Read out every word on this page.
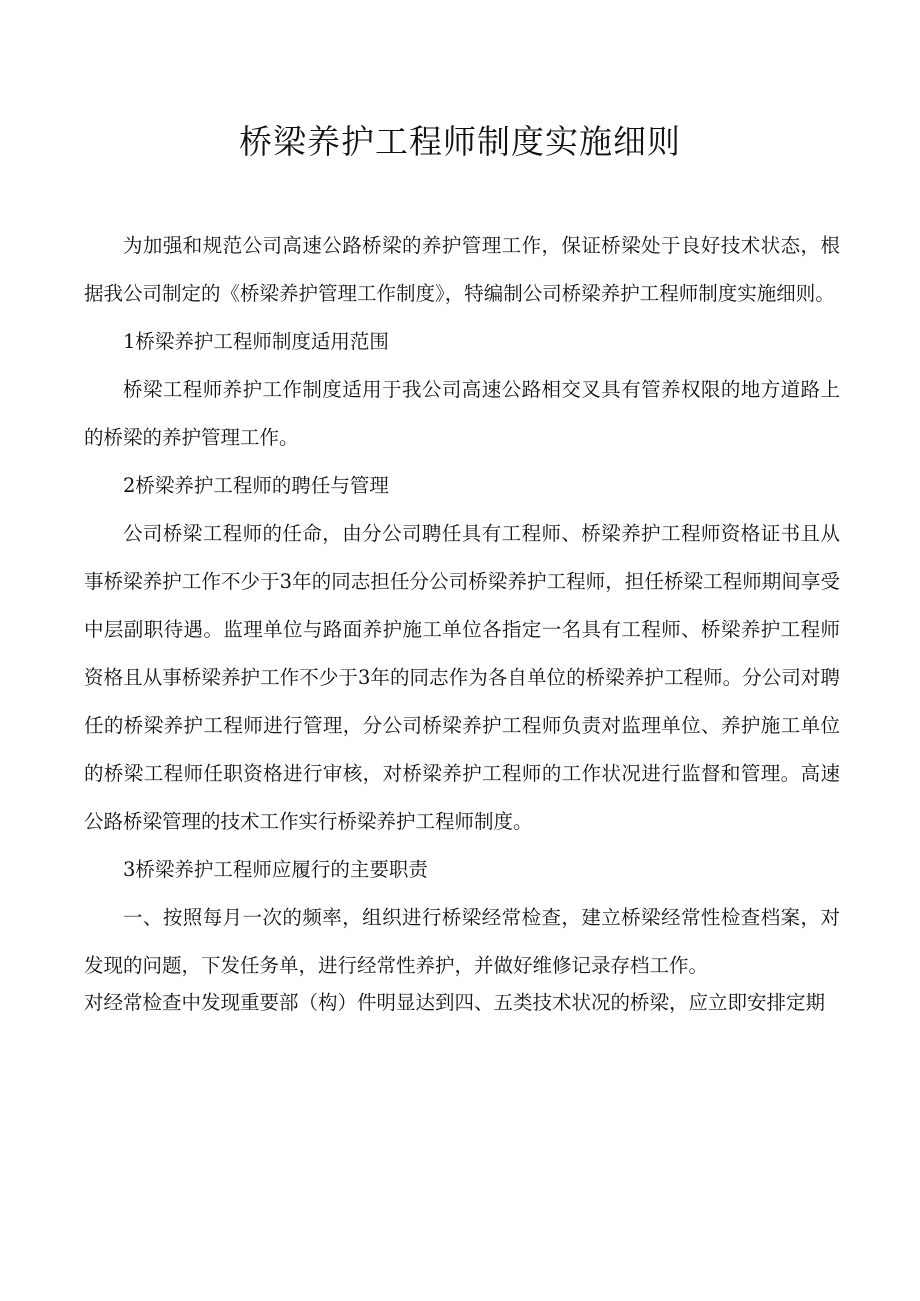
桥梁养护工程师制度实施细则

为加强和规范公司高速公路桥梁的养护管理工作，保证桥梁处于良好技术状态，根据我公司制定的《桥梁养护管理工作制度》，特编制公司桥梁养护工程师制度实施细则。

1桥梁养护工程师制度适用范围

桥梁工程师养护工作制度适用于我公司高速公路相交叉具有管养权限的地方道路上的桥梁的养护管理工作。

2桥梁养护工程师的聘任与管理

公司桥梁工程师的任命，由分公司聘任具有工程师、桥梁养护工程师资格证书且从事桥梁养护工作不少于3年的同志担任分公司桥梁养护工程师，担任桥梁工程师期间享受中层副职待遇。监理单位与路面养护施工单位各指定一名具有工程师、桥梁养护工程师资格且从事桥梁养护工作不少于3年的同志作为各自单位的桥梁养护工程师。分公司对聘任的桥梁养护工程师进行管理，分公司桥梁养护工程师负责对监理单位、养护施工单位的桥梁工程师任职资格进行审核，对桥梁养护工程师的工作状况进行监督和管理。高速公路桥梁管理的技术工作实行桥梁养护工程师制度。

3桥梁养护工程师应履行的主要职责

一、按照每月一次的频率，组织进行桥梁经常检查，建立桥梁经常性检查档案，对发现的问题，下发任务单，进行经常性养护，并做好维修记录存档工作。

对经常检查中发现重要部（构）件明显达到四、五类技术状况的桥梁，应立即安排定期
